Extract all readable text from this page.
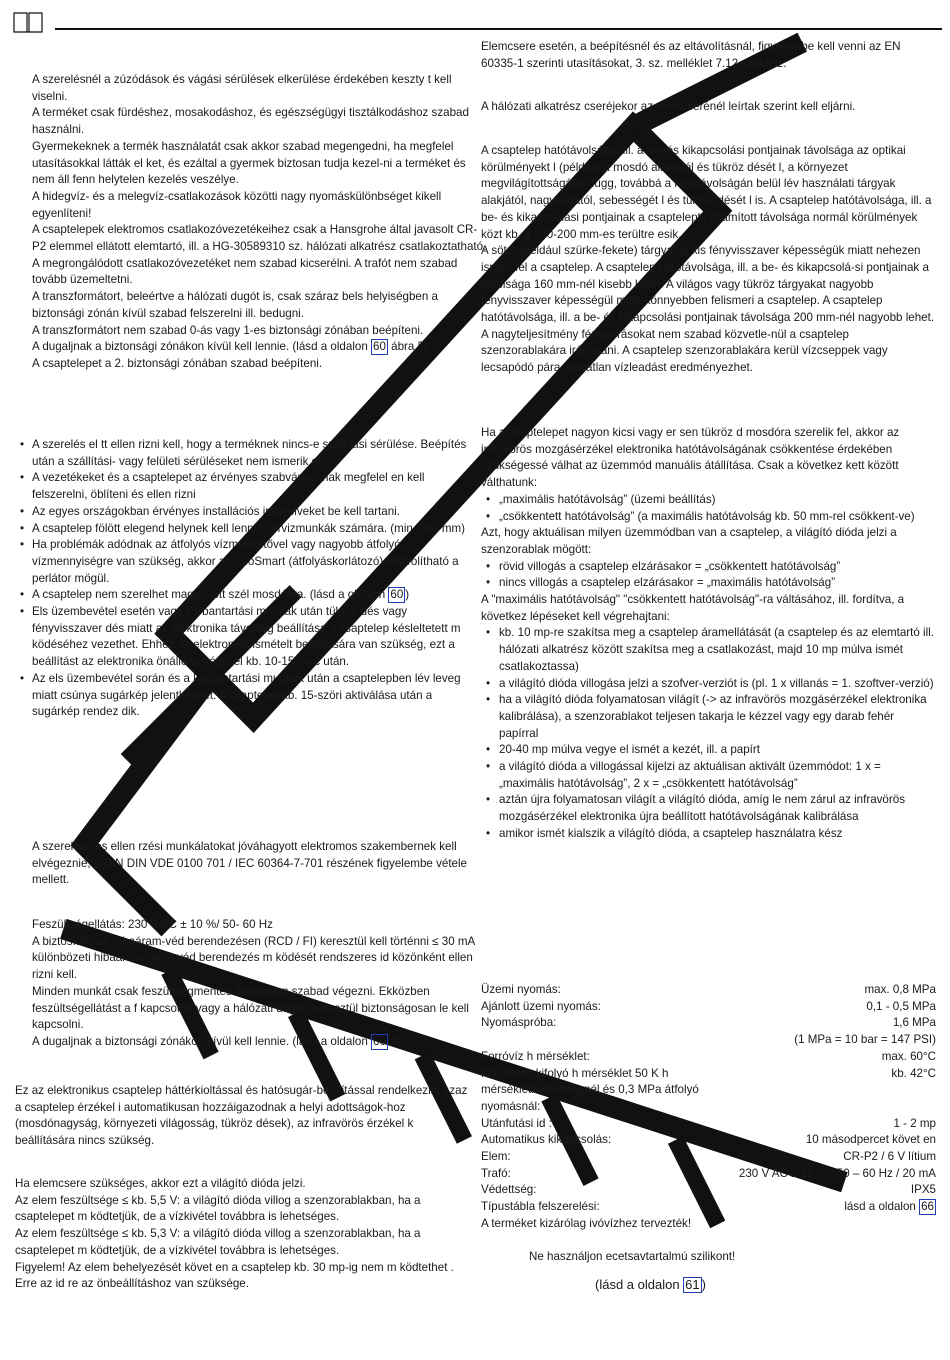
A szerelésnél a zúzódások és vágási sérülések elkerülése érdekében keszty t kell viselni.

A terméket csak fürdéshez, mosakodáshoz, és egészségügyi tisztálkodáshoz szabad használni.

Gyermekeknek a termék használatát csak akkor szabad megengedni, ha megfelel utasításokkal látták el ket, és ezáltal a gyermek biztosan tudja kezel-ni a terméket és nem áll fenn helytelen kezelés veszélye.

A hidegvíz- és a melegvíz-csatlakozások közötti nagy nyomáskülönbséget kikell egyenlíteni!

A csaptelepek elektromos csatlakozóvezetékeihez csak a Hansgrohe által javasolt CR-P2 elemmel ellátott elemtartó, ill. a HG-30589310 sz. hálózati alkatrész csatlakoztatható.

A megrongálódott csatlakozóvezetéket nem szabad kicserélni. A trafót nem szabad tovább üzemeltetni.

A transzformátort, beleértve a hálózati dugót is, csak száraz bels helyiségben a biztonsági zónán kívül szabad felszerelni ill. bedugni.

A transzformátort nem szabad 0-ás vagy 1-es biztonsági zónában beépíteni.

A dugaljnak a biztonsági zónákon kívül kell lennie. (lásd a oldalon 60 ábra 5)

A csaptelepet a 2. biztonsági zónában szabad beépíteni.

• A szerelés el tt ellen rizni kell, hogy a terméknek nincs-e szállítási sérülése. Beépítés után a szállítási- vagy felületi sérüléseket nem ismerik el.
• A vezetékeket és a csaptelepet az érvényes szabványoknak megfelel en kell felszerelni, öblíteni és ellen rizni
• Az egyes országokban érvényes installációs irányelveket be kell tartani.
• A csaptelep fölött elegend helynek kell lenni szervizmunkák számára. (min. 200 mm)
• Ha problémák adódnak az átfolyós vízmelegítővel vagy nagyobb átfolyó vízmennyiségre van szükség, akkor az EcoSmart (átfolyáskorlátozó) eltávolítható a perlátor mögül.
• A csaptelep nem szerelhet magasított szél mosdókra. (lásd a oldalon 60 )
• Els üzembevétel esetén vagy karbantartási munkák után tükröz dés vagy fényvisszaver dés miatt az elektronika távolság beállítása a csaptelep késleltetett m ködéséhez vezethet. Ehhez az elektronika ismételt beállítására van szükség, ezt a beállítást az elektronika önállóan végzi el kb. 10-15 perc után.
• Az els üzembevétel során és a karbantartási munkák után a csaptelepben lév leveg miatt csúnya sugárkép jelentkezhet. A csaptelep kb. 15-szöri aktiválása után a sugárkép rendez dik.

A szerelési- és ellen rzési munkálatokat jóváhagyott elektromos szakembernek kell elvégeznie, a DIN DIN VDE 0100 701 / IEC 60364-7-701 részének figyelembe vétele mellett.

Feszültségellátás: 230 V AC ± 10 %/ 50- 60 Hz

A biztosítéknak hibaáram-véd berendezésen (RCD / FI) keresztül kell történni ≤ 30 mA különbözeti hibaárammal. A véd berendezés m ködését rendszeres id közönként ellen rizni kell.

Minden munkát csak feszültségmentes állapotban szabad végezni. Ekközben feszültségellátást a f kapcsolón vagy a hálózati dugón keresztül biztonságosan le kell kapcsolni.

A dugaljnak a biztonsági zónákon kívül kell lennie. (lásd a oldalon 60 ábra 5)

Ez az elektronikus csaptelep háttérkioltással és hatósugár-beállítással rendelkezik, azaz a csaptelep érzékel i automatikusan hozzáigazodnak a helyi adottságok-hoz (mosdónagyság, környezeti világosság, tükröz dések), az infravörös érzékel k beállítására nincs szükség.

Ha elemcsere szükséges, akkor ezt a világító dióda jelzi.

Az elem feszültsége ≤ kb. 5,5 V: a világító dióda villog a szenzorablakban, ha a csaptelepet m ködtetjük, de a vízkivétel továbbra is lehetséges.

Az elem feszültsége ≤ kb. 5,3 V: a világító dióda villog a szenzorablakban, ha a csaptelepet m ködtetjük, de a vízkivétel továbbra is lehetséges.

Figyelem! Az elem behelyezését követ en a csaptelep kb. 30 mp-ig nem m ködtethet . Erre az id re az önbeállításhoz van szüksége.

Elemcsere esetén, a beépítésnél és az eltávolításnál, figyelembe kell venni az EN 60335-1 szerinti utasításokat, 3. sz. melléklet 7.12 szakasz.

A hálózati alkatrész cseréjekor az elemcserénél leírtak szerint kell eljárni.

A csaptelep hatótávolsága, ill. a be- és kikapcsolási pontjainak távolsága az optikai körülményekt l (például a mosdó alakjától és tükröz dését l, a környezet megvilágítottságától) függ, továbbá a hatótávolságán belül lév használati tárgyak alakjától, nagyságától, sebességét l és tükröz dését l is. A csaptelep hatótávolsága, ill. a be- és kikapcsolási pontjainak a csaptelept l számított távolsága normál körülmények közt kb. a 160-200 mm-es terültre esik.

A sötét (például szürke-fekete) tárgyakat kis fényvisszaver képességük miatt nehezen ismeri fel a csaptelep. A csaptelep hatótávolsága, ill. a be- és kikapcsolá-si pontjainak a távolsága 160 mm-nél kisebb lehet. A világos vagy tükröz tárgyakat nagyobb fényvisszaver képességül miatt könnyebben felismeri a csaptelep. A csaptelep hatótávolsága, ill. a be- és kikapcsolási pontjainak távolsága 200 mm-nél nagyobb lehet. A nagyteljesítmény fényforrásokat nem szabad közvetle-nül a csaptelep szenzorablakára irányítani. A csaptelep szenzorablakára kerül vízcseppek vagy lecsapódó pára akaratlan vízleadást eredményezhet.

Ha a csaptelepet nagyon kicsi vagy er sen tükröz d mosdóra szerelik fel, akkor az infravörös mozgásérzékel elektronika hatótávolságának csökkentése érdekében szükségessé válhat az üzemmód manuális átállítása. Csak a következ kett között válthatunk:

• „maximális hatótávolság” (üzemi beállítás)
• „csökkentett hatótávolság” (a maximális hatótávolság kb. 50 mm-rel csökkent-ve)

Azt, hogy aktuálisan milyen üzemmódban van a csaptelep, a világító dióda jelzi a szenzorablak mögött:

• rövid villogás a csaptelep elzárásakor = „csökkentett hatótávolság”
• nincs villogás a csaptelep elzárásakor = „maximális hatótávolság”

A "maximális hatótávolság" "csökkentett hatótávolság"-ra váltásához, ill. fordítva, a következ lépéseket kell végrehajtani:

• kb. 10 mp-re szakítsa meg a csaptelep áramellátását (a csaptelep és az elemtartó ill. hálózati alkatrész között szakítsa meg a csatlakozást, majd 10 mp múlva ismét csatlakoztassa)
• a világító dióda villogása jelzi a szofver-verziót is (pl. 1 x villanás = 1. szoftver-verzió)
• ha a világító dióda folyamatosan világít (-> az infravörös mozgásérzékel elektronika kalibrálása), a szenzorablakot teljesen takarja le kézzel vagy egy darab fehér papírral
• 20-40 mp múlva vegye el ismét a kezét, ill. a papírt
• a világító dióda a villogással kijelzi az aktuálisan aktivált üzemmódot: 1 x = „maximális hatótávolság”, 2 x = „csökkentett hatótávolság”
• aztán újra folyamatosan világít a világító dióda, amíg le nem zárul az infravörös mozgásérzékel elektronika újra beállított hatótávolságának kalibrálása
• amikor ismét kialszik a világító dióda, a csaptelep használatra kész
Üzemi nyomás:	max. 0,8 MPa
Ajánlott üzemi nyomás:	0,1 - 0,5 MPa
Nyomáspróba:	1,6 MPa
	(1 MPa = 10 bar = 147 PSI)
Forróvíz h mérséklet:	max. 60°C
Maximális kifolyó h mérséklet 50 K h mérsékletkülönbségnél és 0,3 MPa átfolyó nyomásnál:	kb. 42°C
Utánfutási id :	1 - 2 mp
Automatikus kikapcsolás:	10 másodpercet követ en
Elem:	CR-P2 / 6 V lítium
Trafó:	230 V AC ± 10 % / 50 – 60 Hz / 20 mA
Védettség:	IPX5
Típustábla felszerelési:	lásd a oldalon 66

A terméket kizárólag ivóvízhez tervezték!

Ne használjon ecetsavtartalmú szilikont!

(lásd a oldalon 61 )
